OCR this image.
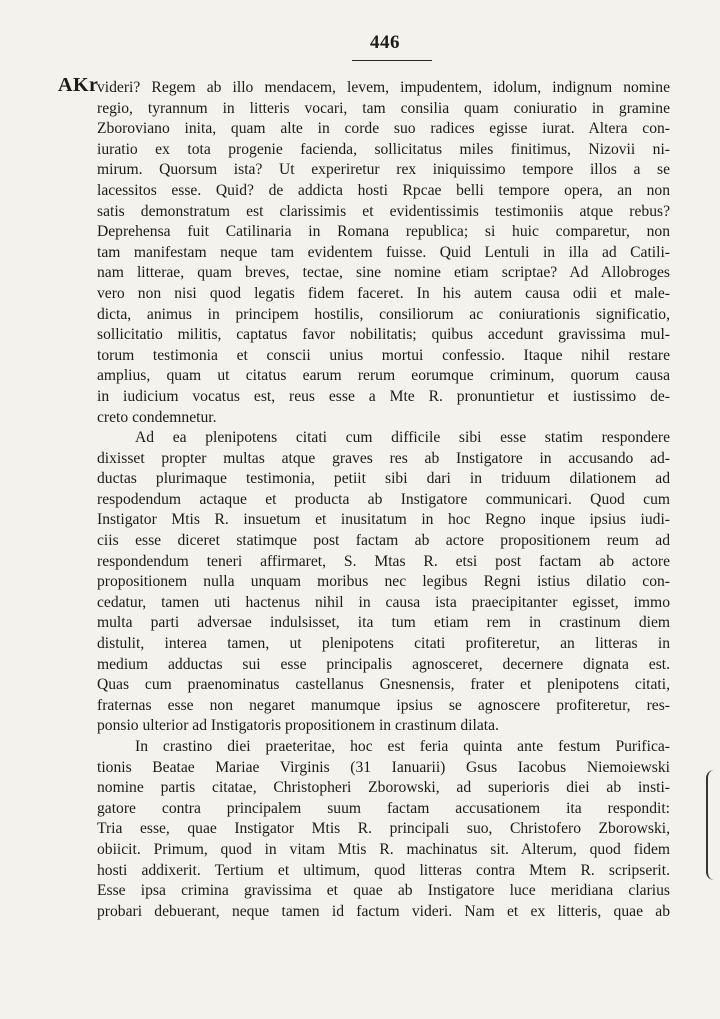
446
AKr
videri? Regem ab illo mendacem, levem, impudentem, idolum, indignum nomine
regio, tyrannum in litteris vocari, tam consilia quam coniuratio in gramine
Zboroviano inita, quam alte in corde suo radices egisse iurat. Altera con-
iuratio ex tota progenie facienda, sollicitatus miles finitimus, Nizovii ni-
mirum. Quorsum ista? Ut experiretur rex iniquissimo tempore illos a se
lacessitos esse. Quid? de addicta hosti Rpcae belli tempore opera, an non
satis demonstratum est clarissimis et evidentissimis testimoniis atque rebus?
Deprehensa fuit Catilinaria in Romana republica; si huic comparetur, non
tam manifestam neque tam evidentem fuisse. Quid Lentuli in illa ad Catili-
nam litterae, quam breves, tectae, sine nomine etiam scriptae? Ad Allobroges
vero non nisi quod legatis fidem faceret. In his autem causa odii et male-
dicta, animus in principem hostilis, consiliorum ac coniurationis significatio,
sollicitatio militis, captatus favor nobilitatis; quibus accedunt gravissima mul-
torum testimonia et conscii unius mortui confessio. Itaque nihil restare
amplius, quam ut citatus earum rerum eorumque criminum, quorum causa
in iudicium vocatus est, reus esse a Mte R. pronuntietur et iustissimo de-
creto condemnetur.
Ad ea plenipotens citati cum difficile sibi esse statim respondere
dixisset propter multas atque graves res ab Instigatore in accusando ad-
ductas plurimaque testimonia, petiit sibi dari in triduum dilationem ad
respodendum actaque et producta ab Instigatore communicari. Quod cum
Instigator Mtis R. insuetum et inusitatum in hoc Regno inque ipsius iudi-
ciis esse diceret statimque post factam ab actore propositionem reum ad
respondendum teneri affirmaret, S. Mtas R. etsi post factam ab actore
propositionem nulla unquam moribus nec legibus Regni istius dilatio con-
cedatur, tamen uti hactenus nihil in causa ista praecipitanter egisset, immo
multa parti adversae indulsisset, ita tum etiam rem in crastinum diem
distulit, interea tamen, ut plenipotens citati profiteretur, an litteras in
medium adductas sui esse principalis agnosceret, decernere dignata est.
Quas cum praenominatus castellanus Gnesnensis, frater et plenipotens citati,
fraternas esse non negaret manumque ipsius se agnoscere profiteretur, res-
ponsio ulterior ad Instigatoris propositionem in crastinum dilata.
In crastino diei praeteritae, hoc est feria quinta ante festum Purifica-
tionis Beatae Mariae Virginis (31 Ianuarii) Gsus Iacobus Niemoiewski
nomine partis citatae, Christopheri Zborowski, ad superioris diei ab insti-
gatore contra principalem suum factam accusationem ita respondit:
Tria esse, quae Instigator Mtis R. principali suo, Christofero Zborowski,
obiicit. Primum, quod in vitam Mtis R. machinatus sit. Alterum, quod fidem
hosti addixerit. Tertium et ultimum, quod litteras contra Mtem R. scripserit.
Esse ipsa crimina gravissima et quae ab Instigatore luce meridiana clarius
probari debuerant, neque tamen id factum videri. Nam et ex litteris, quae ab
